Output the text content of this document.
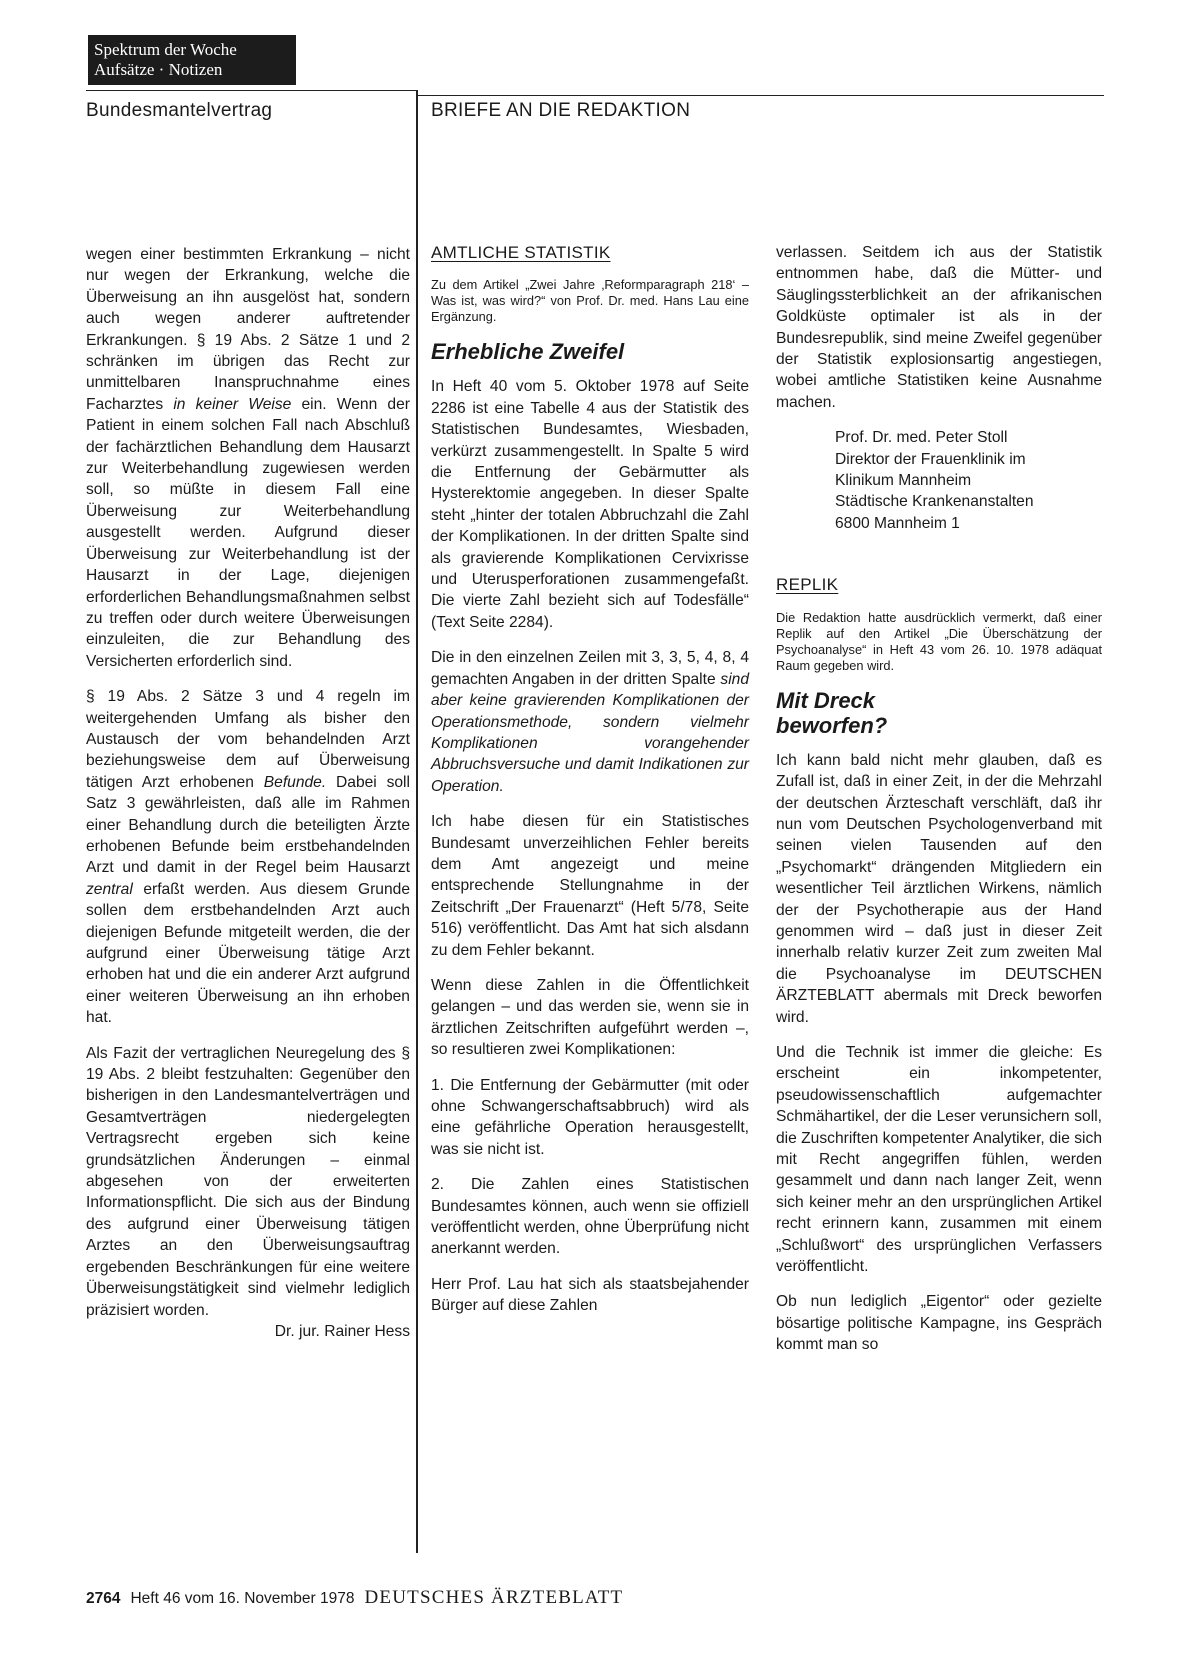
Spektrum der Woche
Aufsätze · Notizen
Bundesmantelvertrag	BRIEFE AN DIE REDAKTION

wegen einer bestimmten Erkrankung – nicht nur wegen der Erkrankung, welche die Überweisung an ihn ausgelöst hat, sondern auch wegen anderer auftretender Erkrankungen. § 19 Abs. 2 Sätze 1 und 2 schränken im übrigen das Recht zur unmittelbaren Inanspruchnahme eines Facharztes in keiner Weise ein. Wenn der Patient in einem solchen Fall nach Abschluß der fachärztlichen Behandlung dem Hausarzt zur Weiterbehandlung zugewiesen werden soll, so müßte in diesem Fall eine Überweisung zur Weiterbehandlung ausgestellt werden. Aufgrund dieser Überweisung zur Weiterbehandlung ist der Hausarzt in der Lage, diejenigen erforderlichen Behandlungsmaßnahmen selbst zu treffen oder durch weitere Überweisungen einzuleiten, die zur Behandlung des Versicherten erforderlich sind.

§ 19 Abs. 2 Sätze 3 und 4 regeln im weitergehenden Umfang als bisher den Austausch der vom behandelnden Arzt beziehungsweise dem auf Überweisung tätigen Arzt erhobenen Befunde. Dabei soll Satz 3 gewährleisten, daß alle im Rahmen einer Behandlung durch die beteiligten Ärzte erhobenen Befunde beim erstbehandelnden Arzt und damit in der Regel beim Hausarzt zentral erfaßt werden. Aus diesem Grunde sollen dem erstbehandelnden Arzt auch diejenigen Befunde mitgeteilt werden, die der aufgrund einer Überweisung tätige Arzt erhoben hat und die ein anderer Arzt aufgrund einer weiteren Überweisung an ihn erhoben hat.

Als Fazit der vertraglichen Neuregelung des § 19 Abs. 2 bleibt festzuhalten: Gegenüber den bisherigen in den Landesmantelverträgen und Gesamtverträgen niedergelegten Vertragsrecht ergeben sich keine grundsätzlichen Änderungen – einmal abgesehen von der erweiterten Informationspflicht. Die sich aus der Bindung des aufgrund einer Überweisung tätigen Arztes an den Überweisungsauftrag ergebenden Beschränkungen für eine weitere Überweisungstätigkeit sind vielmehr lediglich präzisiert worden.

Dr. jur. Rainer Hess
AMTLICHE STATISTIK
Zu dem Artikel „Zwei Jahre ‚Reformparagraph 218‘ – Was ist, was wird?“ von Prof. Dr. med. Hans Lau eine Ergänzung.
Erhebliche Zweifel

In Heft 40 vom 5. Oktober 1978 auf Seite 2286 ist eine Tabelle 4 aus der Statistik des Statistischen Bundesamtes, Wiesbaden, verkürzt zusammengestellt. In Spalte 5 wird die Entfernung der Gebärmutter als Hysterektomie angegeben. In dieser Spalte steht „hinter der totalen Abbruchzahl die Zahl der Komplikationen. In der dritten Spalte sind als gravierende Komplikationen Cervixrisse und Uterusperforationen zusammengefaßt. Die vierte Zahl bezieht sich auf Todesfälle“ (Text Seite 2284).

Die in den einzelnen Zeilen mit 3, 3, 5, 4, 8, 4 gemachten Angaben in der dritten Spalte sind aber keine gravierenden Komplikationen der Operationsmethode, sondern vielmehr Komplikationen vorangehender Abbruchsversuche und damit Indikationen zur Operation.

Ich habe diesen für ein Statistisches Bundesamt unverzeihlichen Fehler bereits dem Amt angezeigt und meine entsprechende Stellungnahme in der Zeitschrift „Der Frauenarzt“ (Heft 5/78, Seite 516) veröffentlicht. Das Amt hat sich alsdann zu dem Fehler bekannt.

Wenn diese Zahlen in die Öffentlichkeit gelangen – und das werden sie, wenn sie in ärztlichen Zeitschriften aufgeführt werden –, so resultieren zwei Komplikationen:

1. Die Entfernung der Gebärmutter (mit oder ohne Schwangerschaftsabbruch) wird als eine gefährliche Operation herausgestellt, was sie nicht ist.

2. Die Zahlen eines Statistischen Bundesamtes können, auch wenn sie offiziell veröffentlicht werden, ohne Überprüfung nicht anerkannt werden.

Herr Prof. Lau hat sich als staatsbejahender Bürger auf diese Zahlen

verlassen. Seitdem ich aus der Statistik entnommen habe, daß die Mütter- und Säuglingssterblichkeit an der afrikanischen Goldküste optimaler ist als in der Bundesrepublik, sind meine Zweifel gegenüber der Statistik explosionsartig angestiegen, wobei amtliche Statistiken keine Ausnahme machen.

Prof. Dr. med. Peter Stoll
Direktor der Frauenklinik im
Klinikum Mannheim
Städtische Krankenanstalten
6800 Mannheim 1
REPLIK
Die Redaktion hatte ausdrücklich vermerkt, daß einer Replik auf den Artikel „Die Überschätzung der Psychoanalyse“ in Heft 43 vom 26. 10. 1978 adäquat Raum gegeben wird.
Mit Dreck
beworfen?

Ich kann bald nicht mehr glauben, daß es Zufall ist, daß in einer Zeit, in der die Mehrzahl der deutschen Ärzteschaft verschläft, daß ihr nun vom Deutschen Psychologenverband mit seinen vielen Tausenden auf den „Psychomarkt“ drängenden Mitgliedern ein wesentlicher Teil ärztlichen Wirkens, nämlich der der Psychotherapie aus der Hand genommen wird – daß just in dieser Zeit innerhalb relativ kurzer Zeit zum zweiten Mal die Psychoanalyse im DEUTSCHEN ÄRZTEBLATT abermals mit Dreck beworfen wird.

Und die Technik ist immer die gleiche: Es erscheint ein inkompetenter, pseudowissenschaftlich aufgemachter Schmähartikel, der die Leser verunsichern soll, die Zuschriften kompetenter Analytiker, die sich mit Recht angegriffen fühlen, werden gesammelt und dann nach langer Zeit, wenn sich keiner mehr an den ursprünglichen Artikel recht erinnern kann, zusammen mit einem „Schlußwort“ des ursprünglichen Verfassers veröffentlicht.

Ob nun lediglich „Eigentor“ oder gezielte bösartige politische Kampagne, ins Gespräch kommt man so

2764 Heft 46 vom 16. November 1978 DEUTSCHES ÄRZTEBLATT
